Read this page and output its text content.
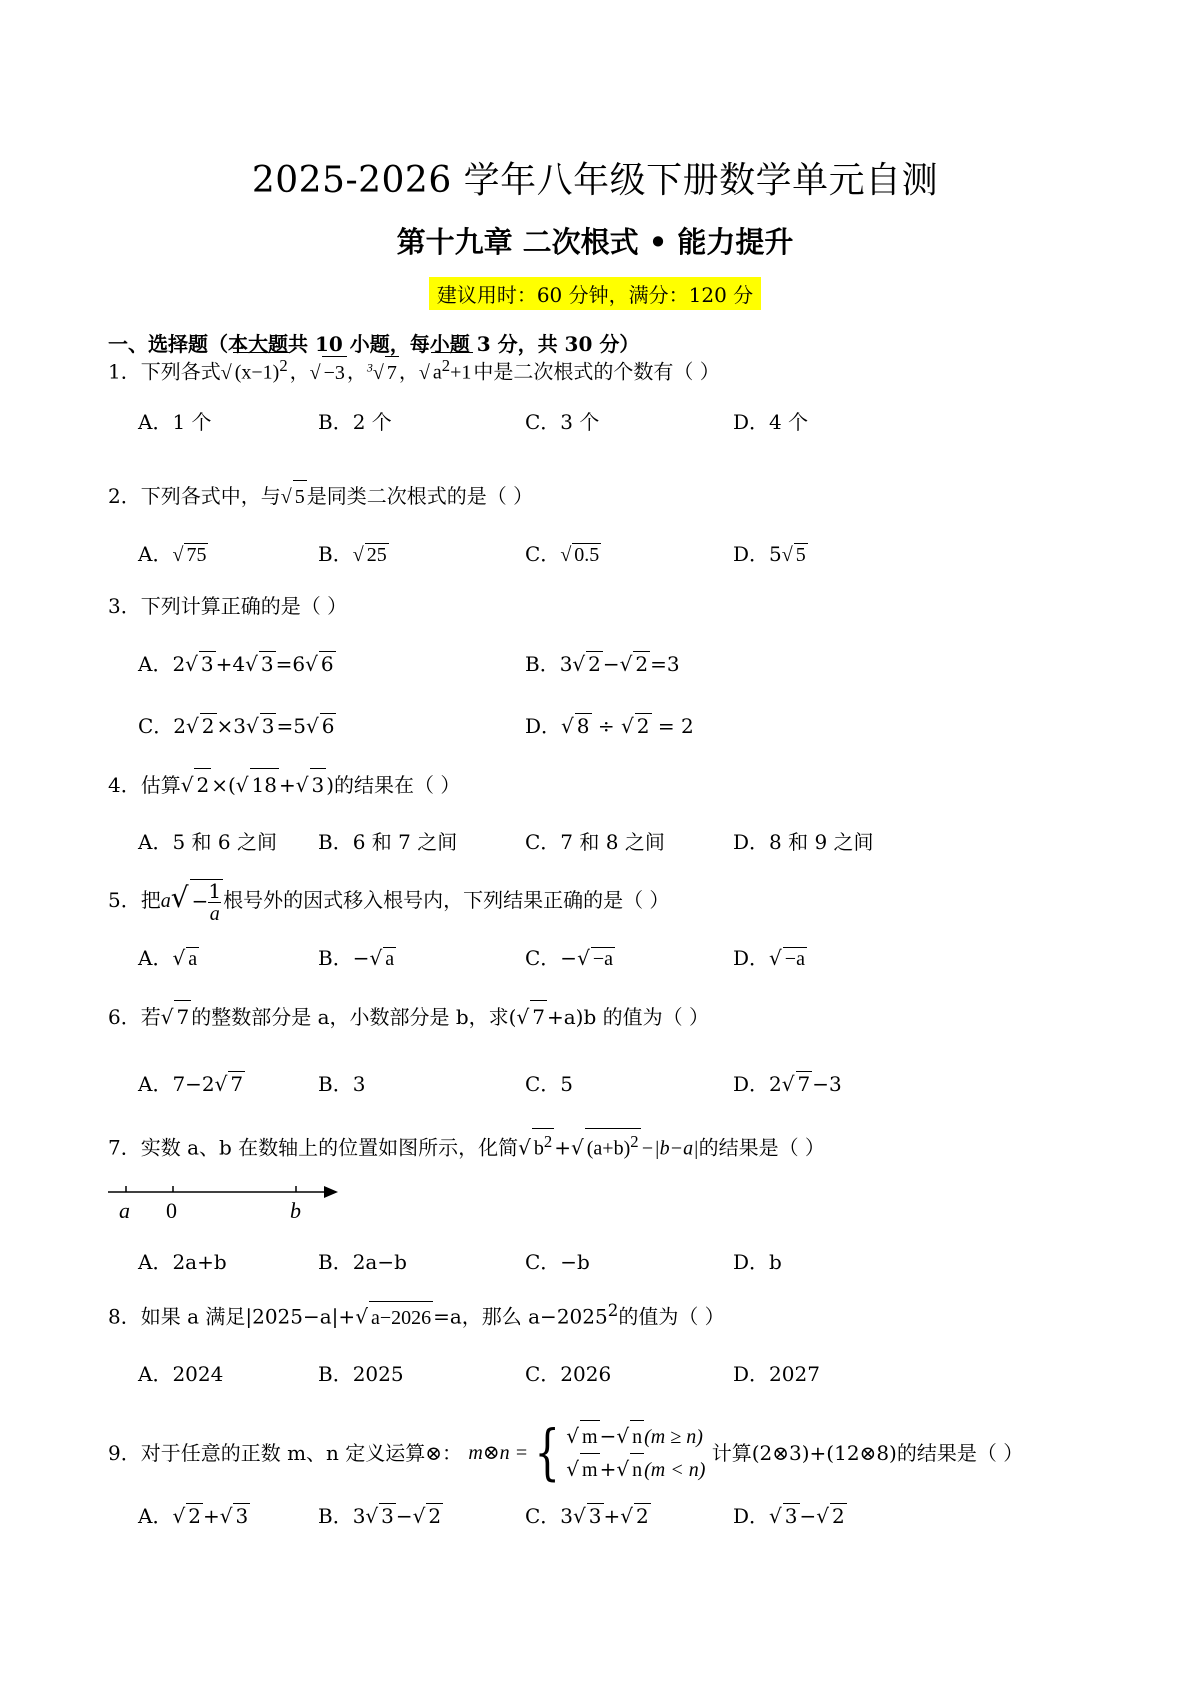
2025-2026 学年八年级下册数学单元自测
第十九章 二次根式 • 能力提升
建议用时：60 分钟，满分：120 分
一、选择题（本大题共 10 小题，每小题 3 分，共 30 分）
1．下列各式√ $(x-1)^2$ ，√ −3 ，$^3$√ 7 ，√ $a^2+1$ 中是二次根式的个数有（ ）
A．1 个	B．2 个	C．3 个	D．4 个
2．下列各式中，与√ 5 是同类二次根式的是（ ）
A．√ 75	B．√ 25	C．√ 0.5	D．5√ 5
3．下列计算正确的是（ ）
A．2√ 3 +4√ 3 =6√ 6	B．3√ 2 −√ 2 =3
C．2√ 2 ×3√ 3 =5√ 6	D．√ 8 ÷ √ 2 = 2
4．估算√ 2 ×(√ 18 +√ 3 )的结果在（ ）
A．5 和 6 之间 B．6 和 7 之间	C．7 和 8 之间	D．8 和 9 之间
5．把$a√ - \frac{1}{a}$ 根号外的因式移入根号内，下列结果正确的是（ ）
A．√ a	B．−√ a	C．−√ −a	D．√ −a
6．若√ 7 的整数部分是 a，小数部分是 b，求(√ 7 +a)b 的值为（ ）
A．7−2√ 7	B．3	C．5	D．2√ 7 −3
7．实数 a、b 在数轴上的位置如图所示，化简√ $b^2$ +√ $(a+b)^2 -|b-a|$的结果是（ ）
a 0	b
A．2a+b	B．2a−b	C．−b	D．b
8．如果 a 满足|2025−a|+√ a−2026 =a，那么 $a-2025^2$的值为（ ）
A．2024	B．2025	C．2026	D．2027
9．对于任意的正数 m、n 定义运算⊗： m⊗n = { √ m −√ n (m ≥ n)
√ m +√ n (m < n)
计算(2⊗3)+(12⊗8)的结果是（ ）
A．√ 2 +√ 3	B．3√ 3 −√ 2	C．3√ 3 +√ 2	D．√ 3 −√ 2
